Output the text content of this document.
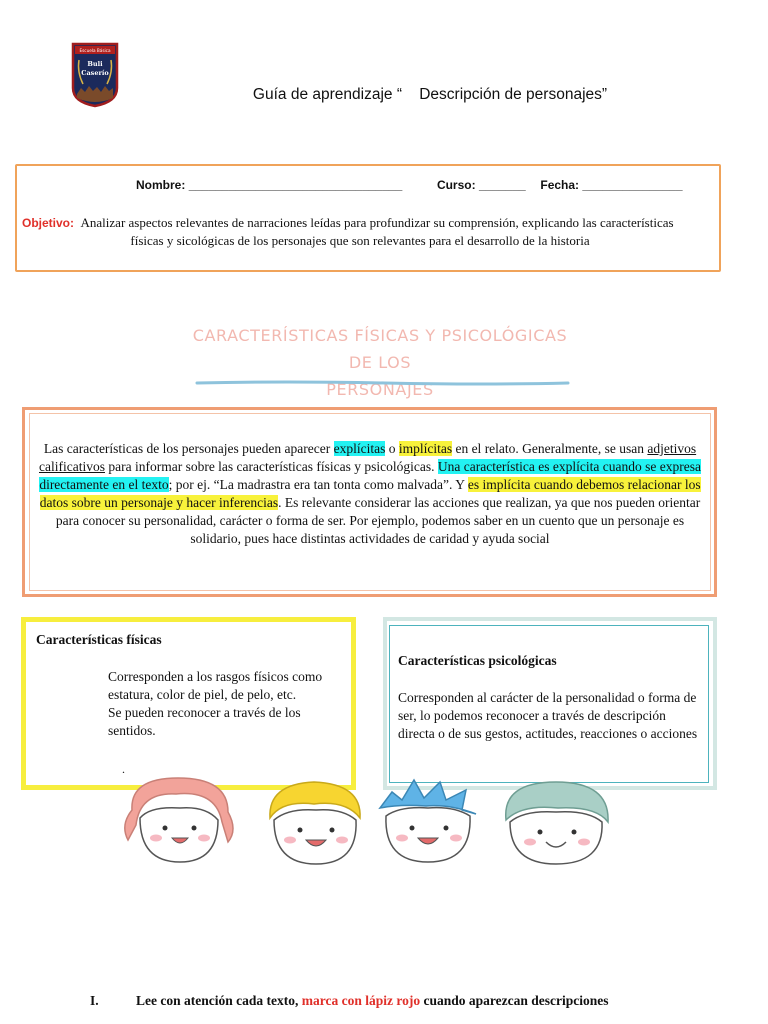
Escuela Básica
Buli
Caserío
Guía de aprendizaje “ Descripción de personajes”
Nombre: ________________________________	Curso: _______ Fecha: _______________
Objetivo: Analizar aspectos relevantes de narraciones leídas para profundizar su comprensión, explicando las características
físicas y sicológicas de los personajes que son relevantes para el desarrollo de la historia
CARACTERÍSTICAS FÍSICAS Y PSICOLÓGICAS DE LOS
PERSONAJES
Las características de los personajes pueden aparecer explícitas o implícitas en el relato. Generalmente, se usan adjetivos calificativos para informar sobre las características físicas y psicológicas. Una característica es explícita cuando se expresa directamente en el texto; por ej. “La madrastra era tan tonta como malvada”. Y es implícita cuando debemos relacionar los datos sobre un personaje y hacer inferencias. Es relevante considerar las acciones que realizan, ya que nos pueden orientar para conocer su personalidad, carácter o forma de ser. Por ejemplo, podemos saber en un cuento que un personaje es solidario, pues hace distintas actividades de caridad y ayuda social
Características físicas
Corresponden a los rasgos físicos como estatura, color de piel, de pelo, etc.
Se pueden reconocer a través de los sentidos.
.
Características psicológicas
Corresponden al carácter de la personalidad o forma de ser, lo podemos reconocer a través de descripción directa o de sus gestos, actitudes, reacciones o acciones
I.	Lee con atención cada texto, marca con lápiz rojo cuando aparezcan descripciones
